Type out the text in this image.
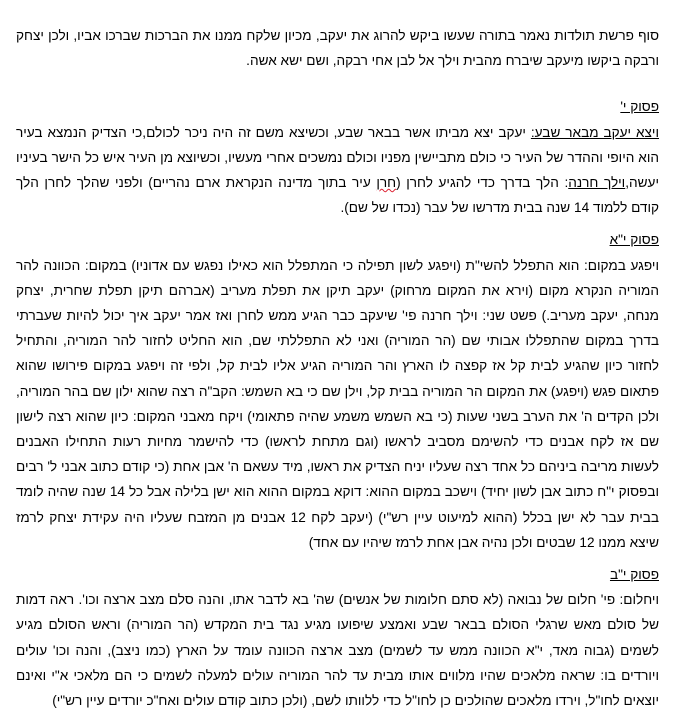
סוף פרשת תולדות נאמר בתורה שעשו ביקש להרוג את יעקב, מכיון שלקח ממנו את הברכות שברכו אביו, ולכן יצחק ורבקה ביקשו מיעקב שיברח מהבית וילך אל לבן אחי רבקה, ושם ישא אשה.

פסוק י'

ויצא יעקב מבאר שבע: יעקב יצא מביתו אשר בבאר שבע, וכשיצא משם זה היה ניכר לכולם,כי הצדיק הנמצא בעיר הוא היופי וההדר של העיר כי כולם מתביישין מפניו וכולם נמשכים אחרי מעשיו, וכשיוצא מן העיר איש כל הישר בעיניו יעשה,וילך חרנה: הלך בדרך כדי להגיע לחרן (חרן עיר בתוך מדינה הנקראת ארם נהריים) ולפני שהלך לחרן הלך קודם ללמוד 14 שנה בבית מדרשו של עבר (נכדו של שם).

פסוק י"א

ויפגע במקום: הוא התפלל להשי"ת (ויפגע לשון תפילה כי המתפלל הוא כאילו נפגש עם אדוניו) במקום: הכוונה להר המוריה הנקרא מקום (וירא את המקום מרחוק) יעקב תיקן את תפלת מעריב (אברהם תיקן תפלת שחרית, יצחק מנחה, יעקב מעריב.) פשט שני: וילך חרנה פי' שיעקב כבר הגיע ממש לחרן ואז אמר יעקב איך יכול להיות שעברתי בדרך במקום שהתפללו אבותי שם (הר המוריה) ואני לא התפללתי שם, הוא החליט לחזור להר המוריה, והתחיל לחזור כיון שהגיע לבית קל אז קפצה לו הארץ והר המוריה הגיע אליו לבית קל, ולפי זה ויפגע במקום פירושו שהוא פתאום פגש (ויפגע) את המקום הר המוריה בבית קל, וילן שם כי בא השמש: הקב"ה רצה שהוא ילון שם בהר המוריה, ולכן הקדים ה' את הערב בשני שעות (כי בא השמש משמע שהיה פתאומי) ויקח מאבני המקום: כיון שהוא רצה לישון שם אז לקח אבנים כדי להשימם מסביב לראשו (וגם מתחת לראשו) כדי להישמר מחיות רעות התחילו האבנים לעשות מריבה ביניהם כל אחד רצה שעליו יניח הצדיק את ראשו, מיד עשאם ה' אבן אחת (כי קודם כתוב אבני ל' רבים ובפסוק י"ח כתוב אבן לשון יחיד) וישכב במקום ההוא: דוקא במקום ההוא הוא ישן בלילה אבל כל 14 שנה שהיה לומד בבית עבר לא ישן בכלל (ההוא למיעוט עיין רש"י) (יעקב לקח 12 אבנים מן המזבח שעליו היה עקידת יצחק לרמז שיצא ממנו 12 שבטים ולכן נהיה אבן אחת לרמז שיהיו עם אחד)

פסוק י"ב

ויחלום: פי' חלום של נבואה (לא סתם חלומות של אנשים) שה' בא לדבר אתו, והנה סלם מצב ארצה וכו'. ראה דמות של סולם מאש שרגלי הסולם בבאר שבע ואמצע שיפועו מגיע נגד בית המקדש (הר המוריה) וראש הסולם מגיע לשמים (גבוה מאד, י"א הכוונה ממש עד לשמים) מצב ארצה הכוונה עומד על הארץ (כמו ניצב), והנה וכו' עולים ויורדים בו: שראה מלאכים שהיו מלווים אותו מבית עד להר המוריה עולים למעלה לשמים כי הם מלאכי א"י ואינם יוצאים לחו"ל, וירדו מלאכים שהולכים כן לחו"ל כדי ללוותו לשם, (ולכן כתוב קודם עולים ואח"כ יורדים עיין רש"י)
